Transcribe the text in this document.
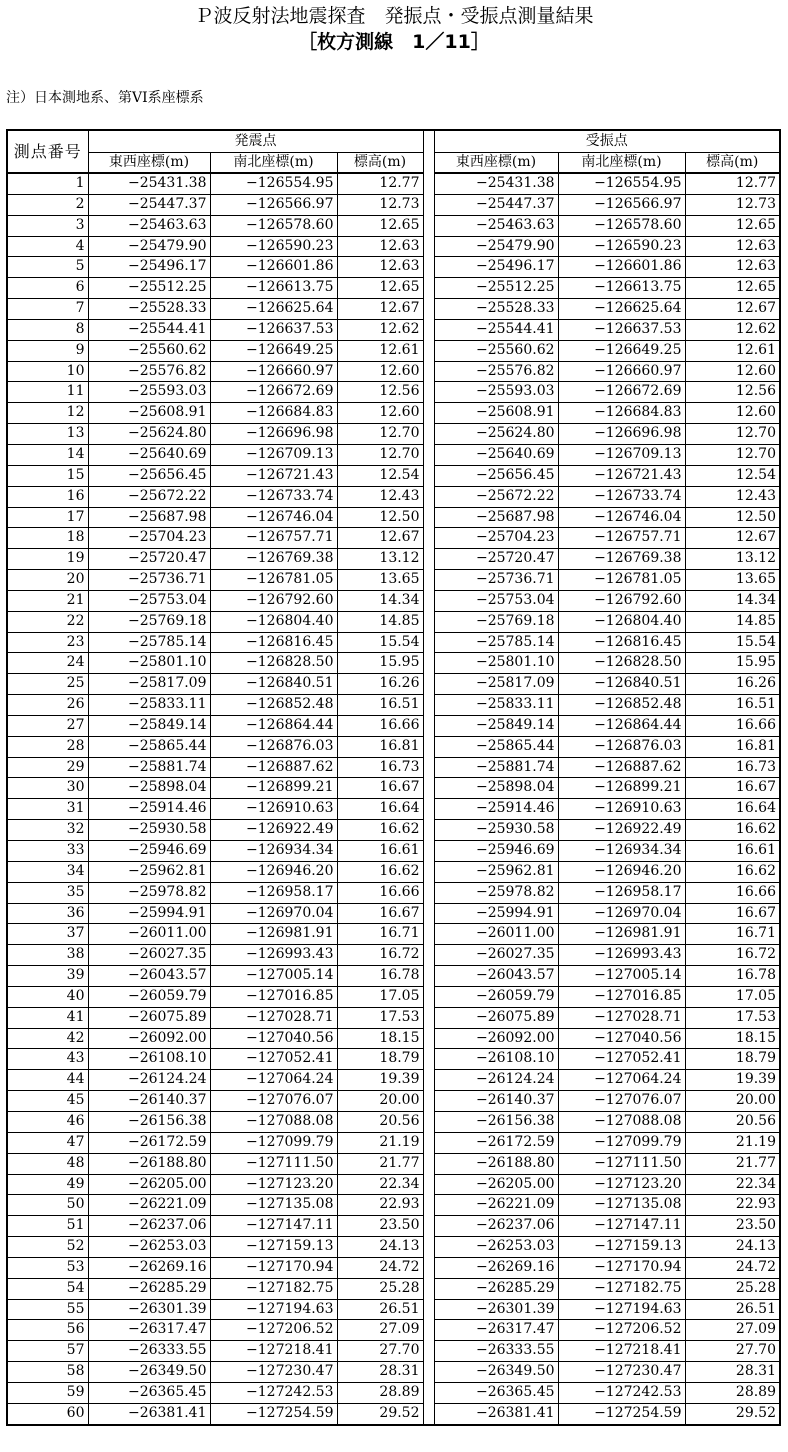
Ｐ波反射法地震探査　発振点・受振点測量結果
［枚方測線　1／11］
注）日本測地系、第VI系座標系
測点番号	発震点				受振点		
	東西座標(m)	南北座標(m)	標高(m)		東西座標(m)	南北座標(m)	標高(m)
1	−25431.38	−126554.95	12.77		−25431.38	−126554.95	12.77
2	−25447.37	−126566.97	12.73		−25447.37	−126566.97	12.73
3	−25463.63	−126578.60	12.65		−25463.63	−126578.60	12.65
4	−25479.90	−126590.23	12.63		−25479.90	−126590.23	12.63
5	−25496.17	−126601.86	12.63		−25496.17	−126601.86	12.63
6	−25512.25	−126613.75	12.65		−25512.25	−126613.75	12.65
7	−25528.33	−126625.64	12.67		−25528.33	−126625.64	12.67
8	−25544.41	−126637.53	12.62		−25544.41	−126637.53	12.62
9	−25560.62	−126649.25	12.61		−25560.62	−126649.25	12.61
10	−25576.82	−126660.97	12.60		−25576.82	−126660.97	12.60
11	−25593.03	−126672.69	12.56		−25593.03	−126672.69	12.56
12	−25608.91	−126684.83	12.60		−25608.91	−126684.83	12.60
13	−25624.80	−126696.98	12.70		−25624.80	−126696.98	12.70
14	−25640.69	−126709.13	12.70		−25640.69	−126709.13	12.70
15	−25656.45	−126721.43	12.54		−25656.45	−126721.43	12.54
16	−25672.22	−126733.74	12.43		−25672.22	−126733.74	12.43
17	−25687.98	−126746.04	12.50		−25687.98	−126746.04	12.50
18	−25704.23	−126757.71	12.67		−25704.23	−126757.71	12.67
19	−25720.47	−126769.38	13.12		−25720.47	−126769.38	13.12
20	−25736.71	−126781.05	13.65		−25736.71	−126781.05	13.65
21	−25753.04	−126792.60	14.34		−25753.04	−126792.60	14.34
22	−25769.18	−126804.40	14.85		−25769.18	−126804.40	14.85
23	−25785.14	−126816.45	15.54		−25785.14	−126816.45	15.54
24	−25801.10	−126828.50	15.95		−25801.10	−126828.50	15.95
25	−25817.09	−126840.51	16.26		−25817.09	−126840.51	16.26
26	−25833.11	−126852.48	16.51		−25833.11	−126852.48	16.51
27	−25849.14	−126864.44	16.66		−25849.14	−126864.44	16.66
28	−25865.44	−126876.03	16.81		−25865.44	−126876.03	16.81
29	−25881.74	−126887.62	16.73		−25881.74	−126887.62	16.73
30	−25898.04	−126899.21	16.67		−25898.04	−126899.21	16.67
31	−25914.46	−126910.63	16.64		−25914.46	−126910.63	16.64
32	−25930.58	−126922.49	16.62		−25930.58	−126922.49	16.62
33	−25946.69	−126934.34	16.61		−25946.69	−126934.34	16.61
34	−25962.81	−126946.20	16.62		−25962.81	−126946.20	16.62
35	−25978.82	−126958.17	16.66		−25978.82	−126958.17	16.66
36	−25994.91	−126970.04	16.67		−25994.91	−126970.04	16.67
37	−26011.00	−126981.91	16.71		−26011.00	−126981.91	16.71
38	−26027.35	−126993.43	16.72		−26027.35	−126993.43	16.72
39	−26043.57	−127005.14	16.78		−26043.57	−127005.14	16.78
40	−26059.79	−127016.85	17.05		−26059.79	−127016.85	17.05
41	−26075.89	−127028.71	17.53		−26075.89	−127028.71	17.53
42	−26092.00	−127040.56	18.15		−26092.00	−127040.56	18.15
43	−26108.10	−127052.41	18.79		−26108.10	−127052.41	18.79
44	−26124.24	−127064.24	19.39		−26124.24	−127064.24	19.39
45	−26140.37	−127076.07	20.00		−26140.37	−127076.07	20.00
46	−26156.38	−127088.08	20.56		−26156.38	−127088.08	20.56
47	−26172.59	−127099.79	21.19		−26172.59	−127099.79	21.19
48	−26188.80	−127111.50	21.77		−26188.80	−127111.50	21.77
49	−26205.00	−127123.20	22.34		−26205.00	−127123.20	22.34
50	−26221.09	−127135.08	22.93		−26221.09	−127135.08	22.93
51	−26237.06	−127147.11	23.50		−26237.06	−127147.11	23.50
52	−26253.03	−127159.13	24.13		−26253.03	−127159.13	24.13
53	−26269.16	−127170.94	24.72		−26269.16	−127170.94	24.72
54	−26285.29	−127182.75	25.28		−26285.29	−127182.75	25.28
55	−26301.39	−127194.63	26.51		−26301.39	−127194.63	26.51
56	−26317.47	−127206.52	27.09		−26317.47	−127206.52	27.09
57	−26333.55	−127218.41	27.70		−26333.55	−127218.41	27.70
58	−26349.50	−127230.47	28.31		−26349.50	−127230.47	28.31
59	−26365.45	−127242.53	28.89		−26365.45	−127242.53	28.89
60	−26381.41	−127254.59	29.52		−26381.41	−127254.59	29.52
